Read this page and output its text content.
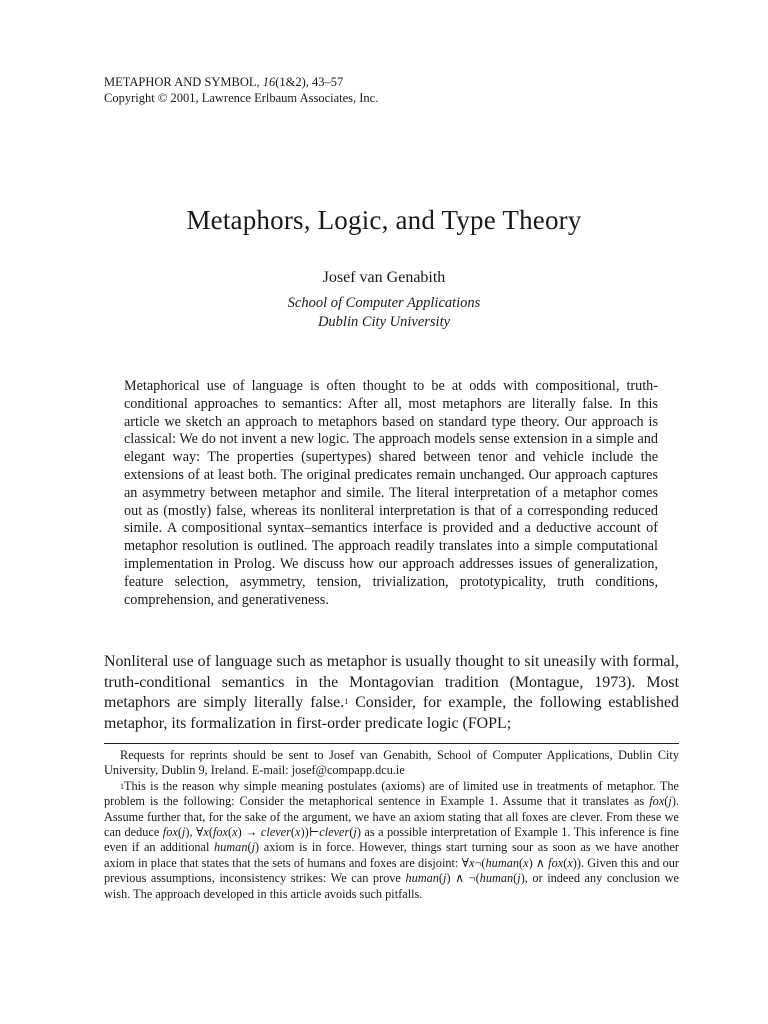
METAPHOR AND SYMBOL, 16(1&2), 43–57
Copyright © 2001, Lawrence Erlbaum Associates, Inc.
Metaphors, Logic, and Type Theory
Josef van Genabith
School of Computer Applications
Dublin City University
Metaphorical use of language is often thought to be at odds with compositional, truth-conditional approaches to semantics: After all, most metaphors are literally false. In this article we sketch an approach to metaphors based on standard type theory. Our approach is classical: We do not invent a new logic. The approach models sense extension in a simple and elegant way: The properties (supertypes) shared between tenor and vehicle include the extensions of at least both. The original predicates remain unchanged. Our approach captures an asymmetry between metaphor and simile. The literal interpretation of a metaphor comes out as (mostly) false, whereas its nonliteral interpretation is that of a corresponding reduced simile. A compositional syntax–semantics interface is provided and a deductive account of metaphor resolution is outlined. The approach readily translates into a simple computational implementation in Prolog. We discuss how our approach addresses issues of generalization, feature selection, asymmetry, tension, trivialization, prototypicality, truth conditions, comprehension, and generativeness.
Nonliteral use of language such as metaphor is usually thought to sit uneasily with formal, truth-conditional semantics in the Montagovian tradition (Montague, 1973). Most metaphors are simply literally false.$^1$ Consider, for example, the following established metaphor, its formalization in first-order predicate logic (FOPL;

Requests for reprints should be sent to Josef van Genabith, School of Computer Applications, Dublin City University, Dublin 9, Ireland. E-mail: josef@compapp.dcu.ie

$^1$This is the reason why simple meaning postulates (axioms) are of limited use in treatments of metaphor. The problem is the following: Consider the metaphorical sentence in Example 1. Assume that it translates as fox(j). Assume further that, for the sake of the argument, we have an axiom stating that all foxes are clever. From these we can deduce fox(j), ∀x(fox(x) → clever(x))⊢clever(j) as a possible interpretation of Example 1. This inference is fine even if an additional human(j) axiom is in force. However, things start turning sour as soon as we have another axiom in place that states that the sets of humans and foxes are disjoint: ∀x¬(human(x) ∧ fox(x)). Given this and our previous assumptions, inconsistency strikes: We can prove human(j) ∧ ¬(human(j), or indeed any conclusion we wish. The approach developed in this article avoids such pitfalls.
